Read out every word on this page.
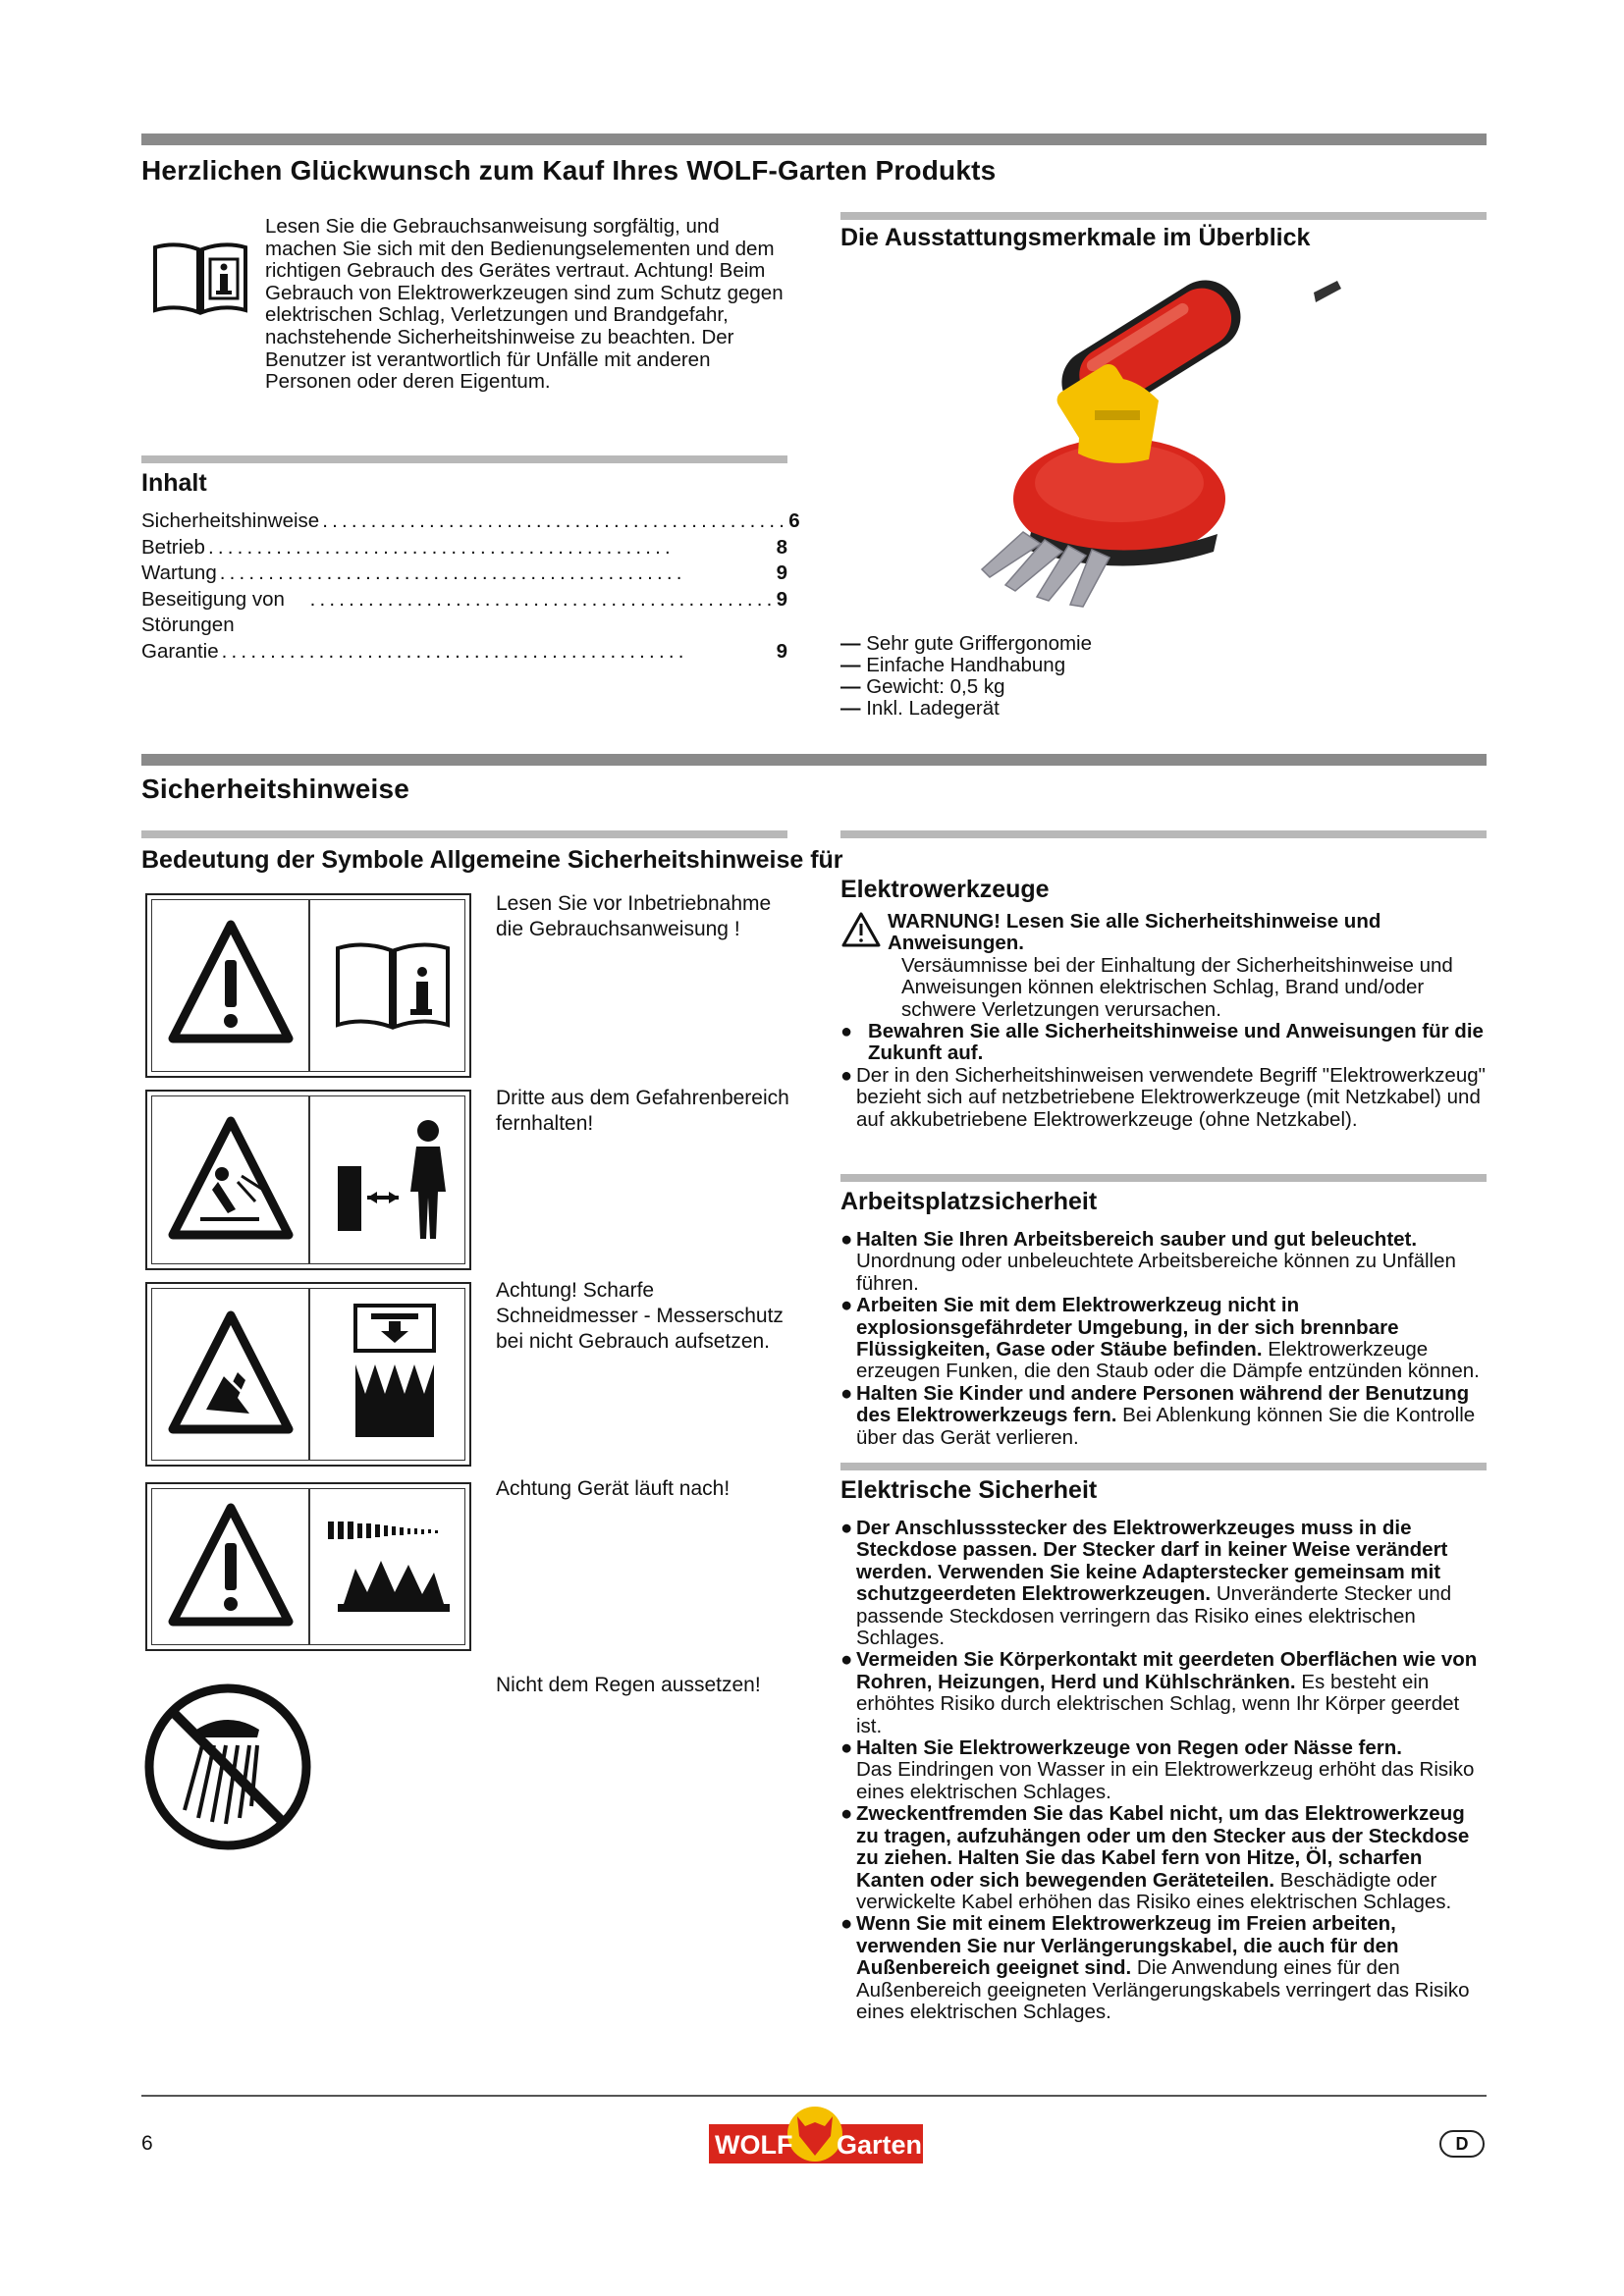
Herzlichen Glückwunsch zum Kauf Ihres WOLF-Garten Produkts
Lesen Sie die Gebrauchsanweisung sorgfältig, und machen Sie sich mit den Bedienungselementen und dem richtigen Gebrauch des Gerätes vertraut. Achtung! Beim Gebrauch von Elektrowerkzeugen sind zum Schutz gegen elektrischen Schlag, Verletzungen und Brandgefahr, nachstehende Sicherheitshinweise zu beachten. Der Benutzer ist verantwortlich für Unfälle mit anderen Personen oder deren Eigentum.
Die Ausstattungsmerkmale im Überblick
— Sehr gute Griffergonomie
— Einfache Handhabung
— Gewicht: 0,5 kg
— Inkl. Ladegerät
Inhalt
Sicherheitshinweise ................................................ 6
Betrieb ................................................	8
Wartung ................................................	9
Beseitigung von Störungen
................................................ 9
Garantie ................................................	9
Sicherheitshinweise
Bedeutung der Symbole Allgemeine Sicherheitshinweise für
Elektrowerkzeuge
Lesen Sie vor Inbetriebnahme die Gebrauchsanweisung !
Dritte aus dem Gefahrenbereich fernhalten!
Achtung! Scharfe Schneidmesser - Messerschutz bei nicht Gebrauch aufsetzen.
Achtung Gerät läuft nach!
Nicht dem Regen aussetzen!
WARNUNG! Lesen Sie alle Sicherheitshinweise und Anweisungen.
Versäumnisse bei der Einhaltung der Sicherheitshinweise und Anweisungen können elektrischen Schlag, Brand und/oder schwere Verletzungen verursachen.
● Bewahren Sie alle Sicherheitshinweise und Anweisungen für die Zukunft auf.
● Der in den Sicherheitshinweisen verwendete Begriff "Elektrowerkzeug" bezieht sich auf netzbetriebene Elektrowerkzeuge (mit Netzkabel) und auf akkubetriebene Elektrowerkzeuge (ohne Netzkabel).
Arbeitsplatzsicherheit
● Halten Sie Ihren Arbeitsbereich sauber und gut beleuchtet.
Unordnung oder unbeleuchtete Arbeitsbereiche können zu Unfällen führen.
● Arbeiten Sie mit dem Elektrowerkzeug nicht in explosionsgefährdeter Umgebung, in der sich brennbare Flüssigkeiten, Gase oder Stäube befinden. Elektrowerkzeuge erzeugen Funken, die den Staub oder die Dämpfe entzünden können.
● Halten Sie Kinder und andere Personen während der Benutzung des Elektrowerkzeugs fern. Bei Ablenkung können Sie die Kontrolle über das Gerät verlieren.
Elektrische Sicherheit
● Der Anschlussstecker des Elektrowerkzeuges muss in die Steckdose passen. Der Stecker darf in keiner Weise verändert werden. Verwenden Sie keine Adapterstecker gemeinsam mit schutzgeerdeten Elektrowerkzeugen. Unveränderte Stecker und passende Steckdosen verringern das Risiko eines elektrischen Schlages.
● Vermeiden Sie Körperkontakt mit geerdeten Oberflächen wie von Rohren, Heizungen, Herd und Kühlschränken. Es besteht ein erhöhtes Risiko durch elektrischen Schlag, wenn Ihr Körper geerdet ist.
● Halten Sie Elektrowerkzeuge von Regen oder Nässe fern.
Das Eindringen von Wasser in ein Elektrowerkzeug erhöht das Risiko eines elektrischen Schlages.
● Zweckentfremden Sie das Kabel nicht, um das Elektrowerkzeug zu tragen, aufzuhängen oder um den Stecker aus der Steckdose zu ziehen. Halten Sie das Kabel fern von Hitze, Öl, scharfen Kanten oder sich bewegenden Geräteteilen. Beschädigte oder verwickelte Kabel erhöhen das Risiko eines elektrischen Schlages.
● Wenn Sie mit einem Elektrowerkzeug im Freien arbeiten, verwenden Sie nur Verlängerungskabel, die auch für den Außenbereich geeignet sind. Die Anwendung eines für den Außenbereich geeigneten Verlängerungskabels verringert das Risiko eines elektrischen Schlages.
6	WOLF Garten	D
